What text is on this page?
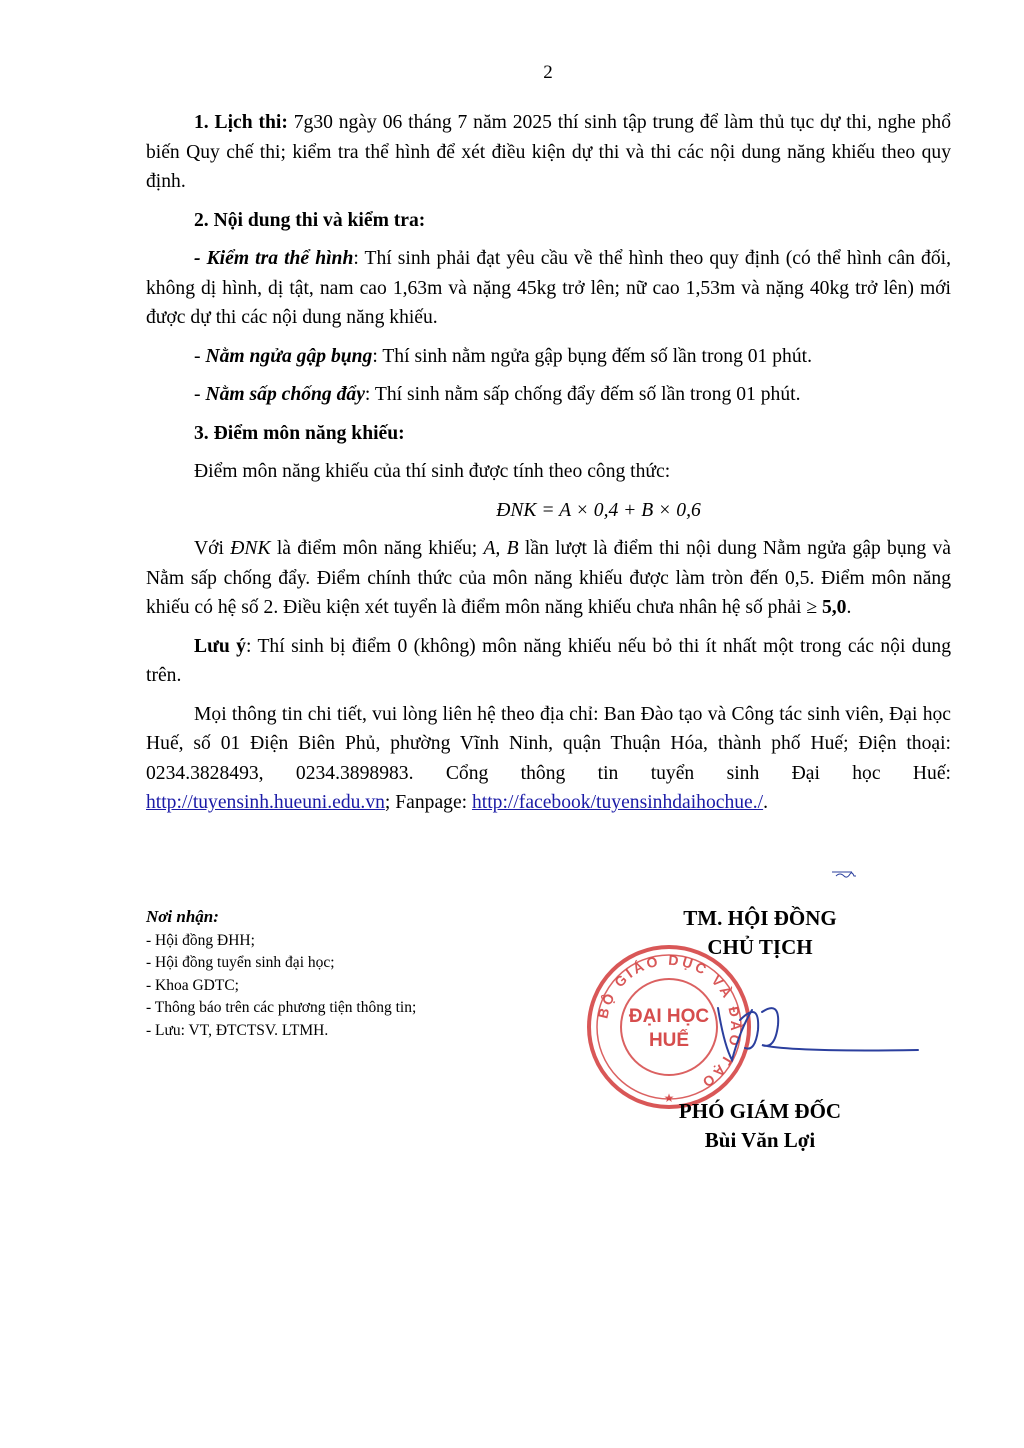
2

1. Lịch thi: 7g30 ngày 06 tháng 7 năm 2025 thí sinh tập trung để làm thủ tục dự thi, nghe phổ biến Quy chế thi; kiểm tra thể hình để xét điều kiện dự thi và thi các nội dung năng khiếu theo quy định.

2. Nội dung thi và kiểm tra:

- Kiểm tra thể hình: Thí sinh phải đạt yêu cầu về thể hình theo quy định (có thể hình cân đối, không dị hình, dị tật, nam cao 1,63m và nặng 45kg trở lên; nữ cao 1,53m và nặng 40kg trở lên) mới được dự thi các nội dung năng khiếu.

- Nằm ngửa gập bụng: Thí sinh nằm ngửa gập bụng đếm số lần trong 01 phút.

- Nằm sấp chống đẩy: Thí sinh nằm sấp chống đẩy đếm số lần trong 01 phút.

3. Điểm môn năng khiếu:

Điểm môn năng khiếu của thí sinh được tính theo công thức:

ĐNK = A × 0,4 + B × 0,6

Với ĐNK là điểm môn năng khiếu; A, B lần lượt là điểm thi nội dung Nằm ngửa gập bụng và Nằm sấp chống đẩy. Điểm chính thức của môn năng khiếu được làm tròn đến 0,5. Điểm môn năng khiếu có hệ số 2. Điều kiện xét tuyển là điểm môn năng khiếu chưa nhân hệ số phải ≥ 5,0.

Lưu ý: Thí sinh bị điểm 0 (không) môn năng khiếu nếu bỏ thi ít nhất một trong các nội dung trên.

Mọi thông tin chi tiết, vui lòng liên hệ theo địa chỉ: Ban Đào tạo và Công tác sinh viên, Đại học Huế, số 01 Điện Biên Phủ, phường Vĩnh Ninh, quận Thuận Hóa, thành phố Huế; Điện thoại: 0234.3828493, 0234.3898983. Cổng thông tin tuyển sinh Đại học Huế: http://tuyensinh.hueuni.edu.vn; Fanpage: http://facebook/tuyensinhdaihochue./.

Nơi nhận:
- Hội đồng ĐHH;
- Hội đồng tuyển sinh đại học;
- Khoa GDTC;
- Thông báo trên các phương tiện thông tin;
- Lưu: VT, ĐTCTSV. LTMH.
TM. HỘI ĐỒNG
CHỦ TỊCH
BỘ GIÁO DỤC VÀ ĐÀO TẠO
ĐẠI HỌC
HUẾ
★
PHÓ GIÁM ĐỐC
Bùi Văn Lợi
